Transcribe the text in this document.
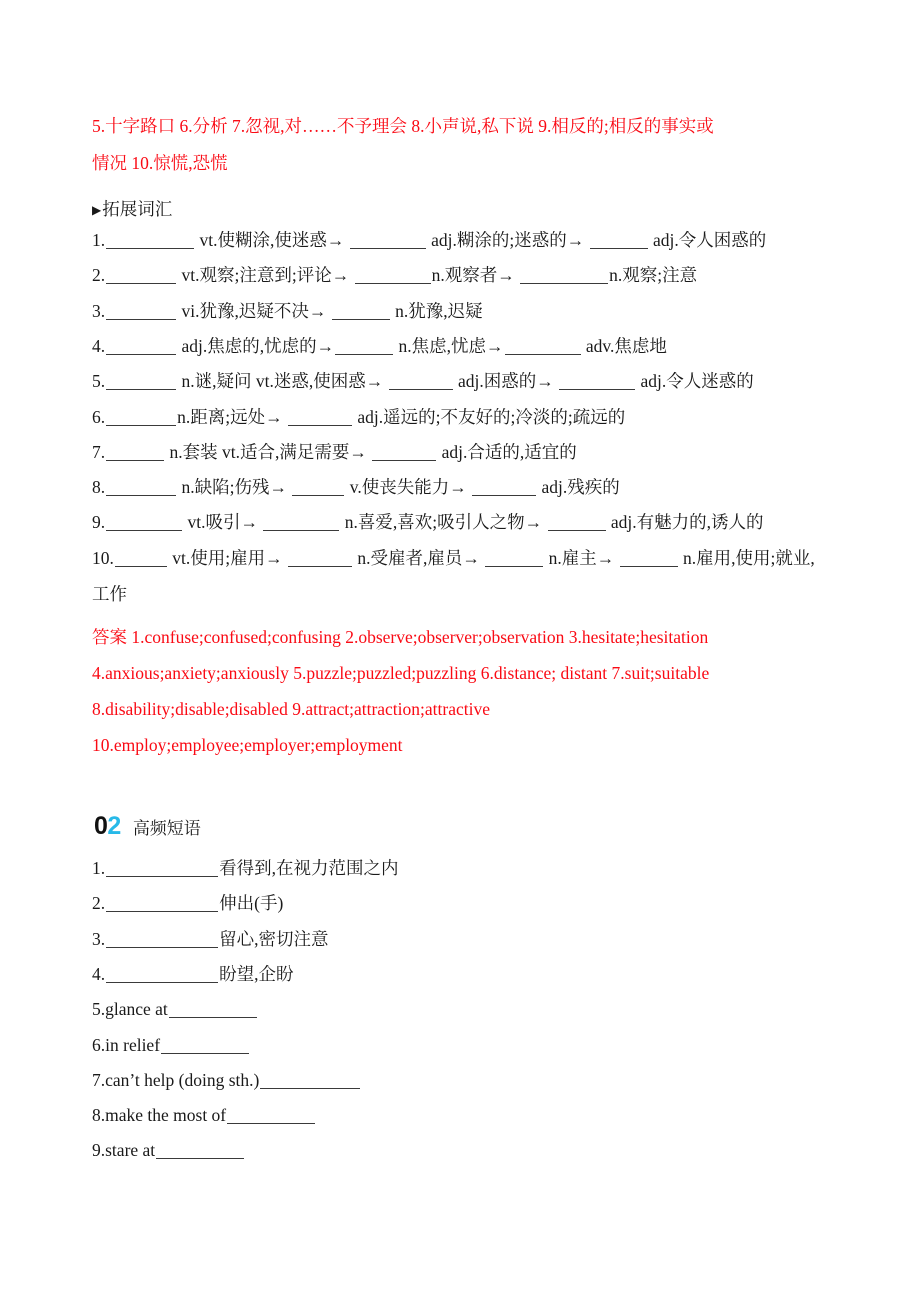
5.十字路口 6.分析 7.忽视,对……不予理会 8.小声说,私下说 9.相反的;相反的事实或
情况 10.惊慌,恐慌
▶拓展词汇
1.	vt.使糊涂,使迷惑→	adj.糊涂的;迷惑的→	adj.令人困惑的
2.	vt.观察;注意到;评论→	n.观察者→	n.观察;注意
3.	vi.犹豫,迟疑不决→	n.犹豫,迟疑
4.	adj.焦虑的,忧虑的→	n.焦虑,忧虑→	adv.焦虑地
5.	n.谜,疑问 vt.迷惑,使困惑→	adj.困惑的→	adj.令人迷惑的
6.	n.距离;远处→	adj.遥远的;不友好的;冷淡的;疏远的
7.	n.套装 vt.适合,满足需要→	adj.合适的,适宜的
8.	n.缺陷;伤残→	v.使丧失能力→	adj.残疾的
9.	vt.吸引→	n.喜爱,喜欢;吸引人之物→	adj.有魅力的,诱人的
10.	vt.使用;雇用→	n.受雇者,雇员→	n.雇主→	n.雇用,使用;就业,
工作
答案 1.confuse;confused;confusing 2.observe;observer;observation 3.hesitate;hesitation
4.anxious;anxiety;anxiously 5.puzzle;puzzled;puzzling 6.distance; distant 7.suit;suitable
8.disability;disable;disabled 9.attract;attraction;attractive
10.employ;employee;employer;employment
02 高频短语
1.	看得到,在视力范围之内
2.	伸出(手)
3.	留心,密切注意
4.	盼望,企盼
5.glance at
6.in relief
7.can’t help (doing sth.)
8.make the most of
9.stare at
